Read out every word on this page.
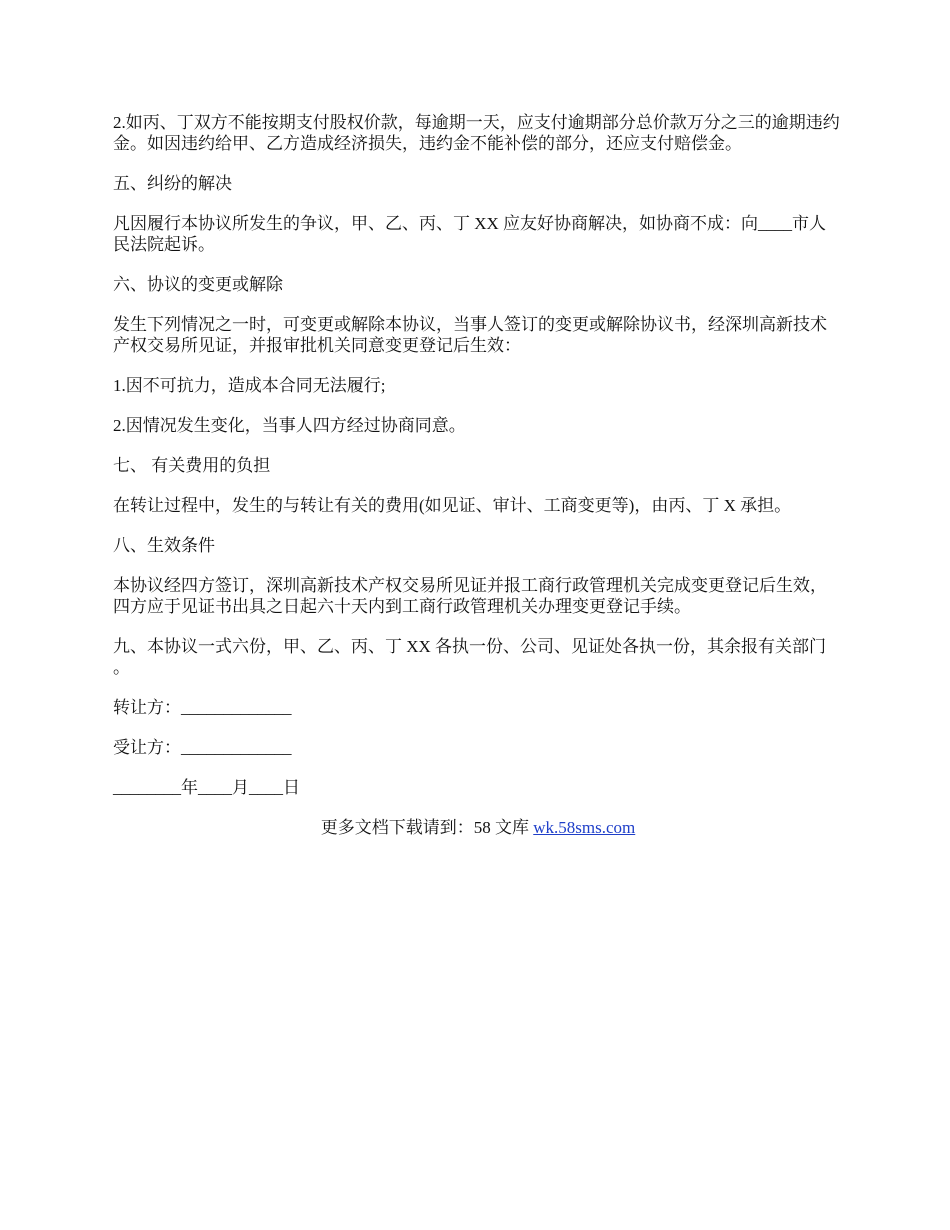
2.如丙、丁双方不能按期支付股权价款，每逾期一天，应支付逾期部分总价款万分之三的逾期违约金。如因违约给甲、乙方造成经济损失，违约金不能补偿的部分，还应支付赔偿金。

五、纠纷的解决

凡因履行本协议所发生的争议，甲、乙、丙、丁 XX 应友好协商解决，如协商不成：向____市人民法院起诉。

六、协议的变更或解除

发生下列情况之一时，可变更或解除本协议，当事人签订的变更或解除协议书，经深圳高新技术产权交易所见证，并报审批机关同意变更登记后生效：

1.因不可抗力，造成本合同无法履行;

2.因情况发生变化，当事人四方经过协商同意。

七、 有关费用的负担

在转让过程中，发生的与转让有关的费用(如见证、审计、工商变更等)，由丙、丁 X 承担。

八、生效条件

本协议经四方签订，深圳高新技术产权交易所见证并报工商行政管理机关完成变更登记后生效，四方应于见证书出具之日起六十天内到工商行政管理机关办理变更登记手续。

九、本协议一式六份，甲、乙、丙、丁 XX 各执一份、公司、见证处各执一份，其余报有关部门 。

转让方：_____________

受让方：_____________

________年____月____日

更多文档下载请到：58 文库 wk.58sms.com
